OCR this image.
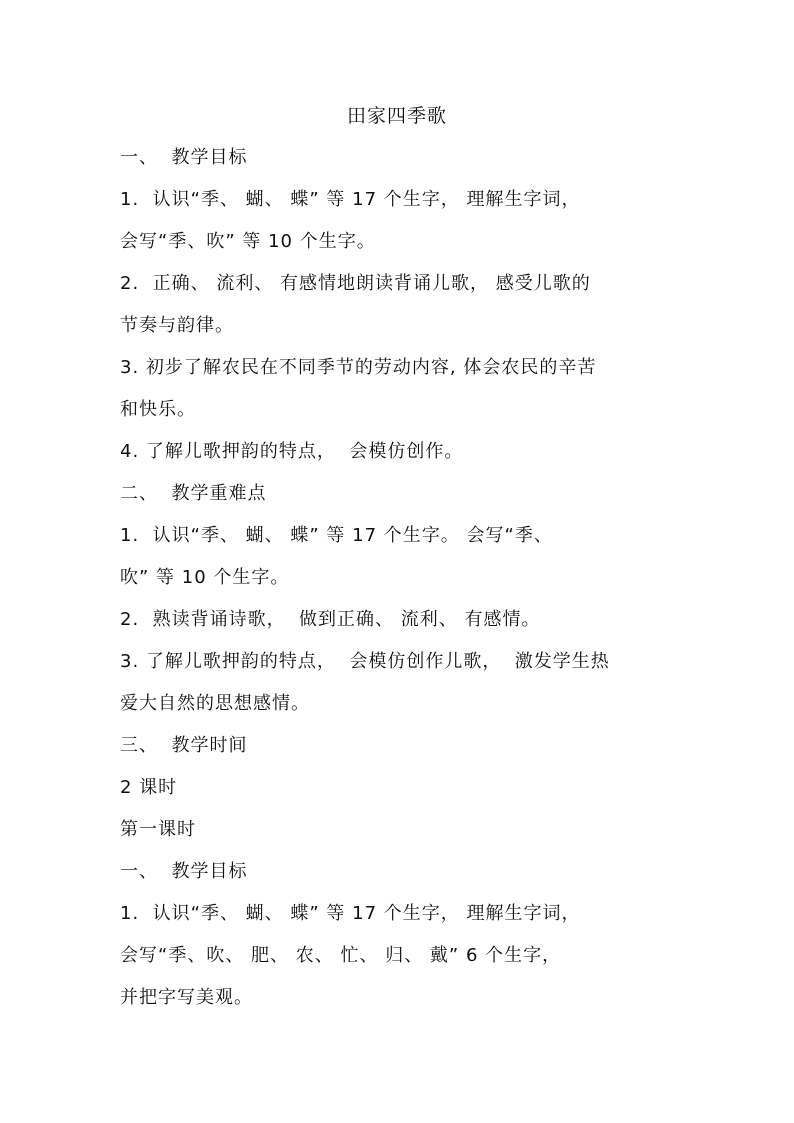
田家四季歌
一、  教学目标
1.  认识“季、 蝴、 蝶” 等 17 个生字， 理解生字词，
会写“季、吹” 等 10 个生字。
2.  正确、 流利、 有感情地朗读背诵儿歌， 感受儿歌的
节奏与韵律。
3. 初步了解农民在不同季节的劳动内容, 体会农民的辛苦
和快乐。
4. 了解儿歌押韵的特点，  会模仿创作。
二、  教学重难点
1.  认识“季、 蝴、 蝶” 等 17 个生字。 会写“季、
吹” 等 10 个生字。
2.  熟读背诵诗歌，  做到正确、 流利、 有感情。
3. 了解儿歌押韵的特点，  会模仿创作儿歌，  激发学生热
爱大自然的思想感情。
三、  教学时间
2 课时
第一课时
一、  教学目标
1.  认识“季、 蝴、 蝶” 等 17 个生字， 理解生字词，
会写“季、吹、 肥、 农、 忙、 归、 戴” 6 个生字，
并把字写美观。
